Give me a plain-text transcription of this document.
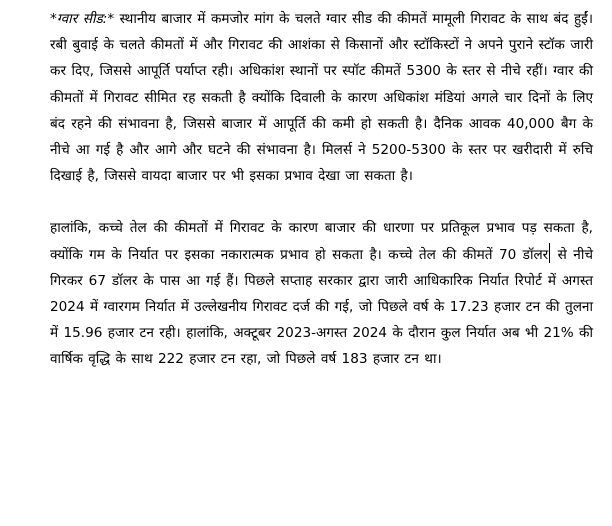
*ग्वार सीड:* स्थानीय बाजार में कमजोर मांग के चलते ग्वार सीड की कीमतें मामूली गिरावट के साथ बंद हुईं। रबी बुवाई के चलते कीमतों में और गिरावट की आशंका से किसानों और स्टॉकिस्टों ने अपने पुराने स्टॉक जारी कर दिए, जिससे आपूर्ति पर्याप्त रही। अधिकांश स्थानों पर स्पॉट कीमतें 5300 के स्तर से नीचे रहीं। ग्वार की कीमतों में गिरावट सीमित रह सकती है क्योंकि दिवाली के कारण अधिकांश मंडियां अगले चार दिनों के लिए बंद रहने की संभावना है, जिससे बाजार में आपूर्ति की कमी हो सकती है। दैनिक आवक 40,000 बैग के नीचे आ गई है और आगे और घटने की संभावना है। मिलर्स ने 5200-5300 के स्तर पर खरीदारी में रुचि दिखाई है, जिससे वायदा बाजार पर भी इसका प्रभाव देखा जा सकता है।

हालांकि, कच्चे तेल की कीमतों में गिरावट के कारण बाजार की धारणा पर प्रतिकूल प्रभाव पड़ सकता है, क्योंकि गम के निर्यात पर इसका नकारात्मक प्रभाव हो सकता है। कच्चे तेल की कीमतें 70 डॉलर से नीचे गिरकर 67 डॉलर के पास आ गई हैं। पिछले सप्ताह सरकार द्वारा जारी आधिकारिक निर्यात रिपोर्ट में अगस्त 2024 में ग्वारगम निर्यात में उल्लेखनीय गिरावट दर्ज की गई, जो पिछले वर्ष के 17.23 हजार टन की तुलना में 15.96 हजार टन रही। हालांकि, अक्टूबर 2023-अगस्त 2024 के दौरान कुल निर्यात अब भी 21% की वार्षिक वृद्धि के साथ 222 हजार टन रहा, जो पिछले वर्ष 183 हजार टन था।
